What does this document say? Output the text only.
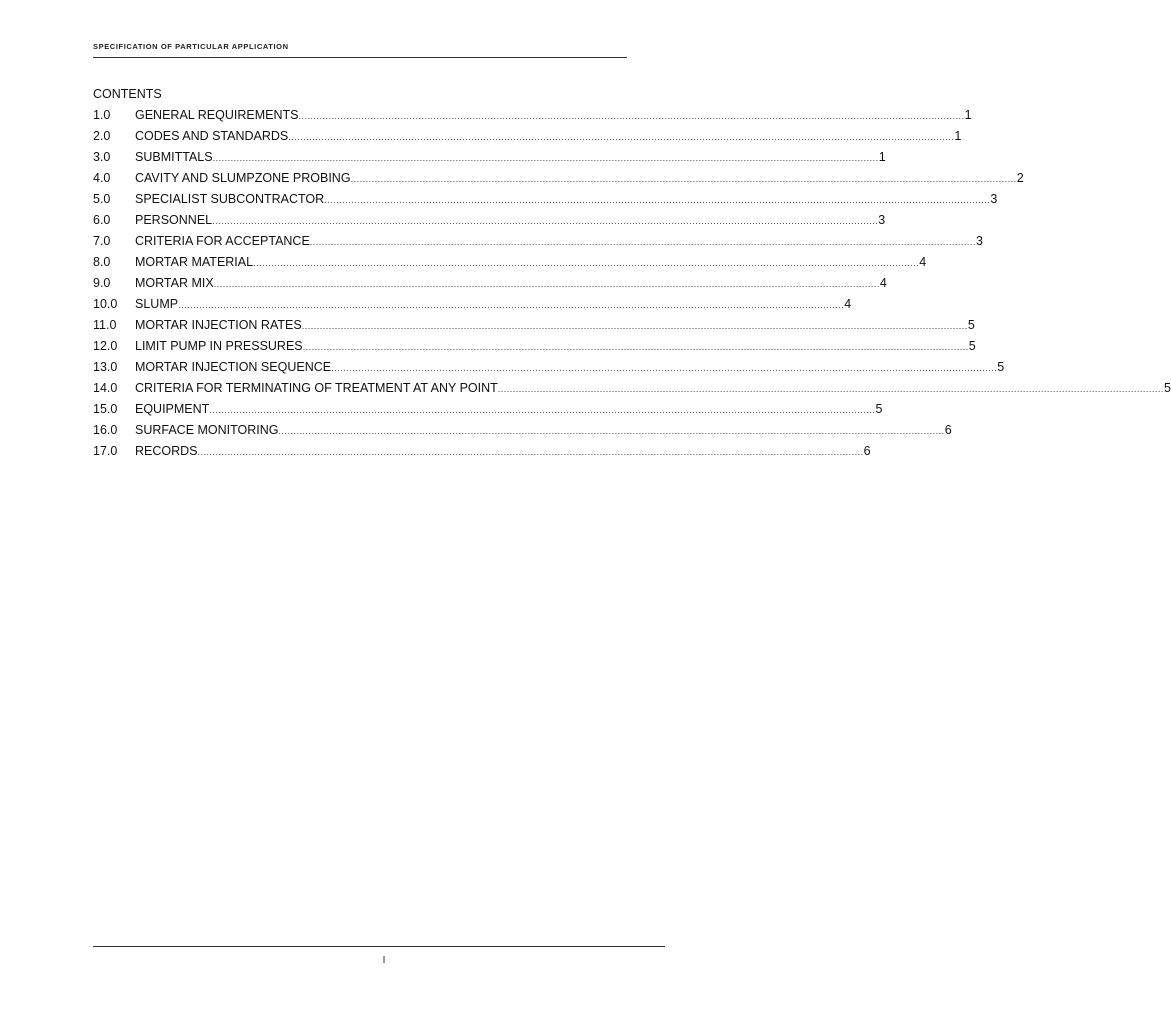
SPECIFICATION OF PARTICULAR APPLICATION
CONTENTS
1.0	GENERAL REQUIREMENTS .............................................................................................................................................................................................................................. 1
2.0	CODES AND STANDARDS .............................................................................................................................................................................................................................. 1
3.0	SUBMITTALS .............................................................................................................................................................................................................................. 1
4.0	CAVITY AND SLUMPZONE PROBING .............................................................................................................................................................................................................................. 2
5.0	SPECIALIST SUBCONTRACTOR .............................................................................................................................................................................................................................. 3
6.0	PERSONNEL .............................................................................................................................................................................................................................. 3
7.0	CRITERIA FOR ACCEPTANCE .............................................................................................................................................................................................................................. 3
8.0	MORTAR MATERIAL .............................................................................................................................................................................................................................. 4
9.0	MORTAR MIX .............................................................................................................................................................................................................................. 4
10.0	SLUMP .............................................................................................................................................................................................................................. 4
11.0	MORTAR INJECTION RATES .............................................................................................................................................................................................................................. 5
12.0	LIMIT PUMP IN PRESSURES .............................................................................................................................................................................................................................. 5
13.0	MORTAR INJECTION SEQUENCE .............................................................................................................................................................................................................................. 5
14.0	CRITERIA FOR TERMINATING OF TREATMENT AT ANY POINT .............................................................................................................................................................................................................................. 5
15.0	EQUIPMENT .............................................................................................................................................................................................................................. 5
16.0	SURFACE MONITORING .............................................................................................................................................................................................................................. 6
17.0	RECORDS .............................................................................................................................................................................................................................. 6
I
